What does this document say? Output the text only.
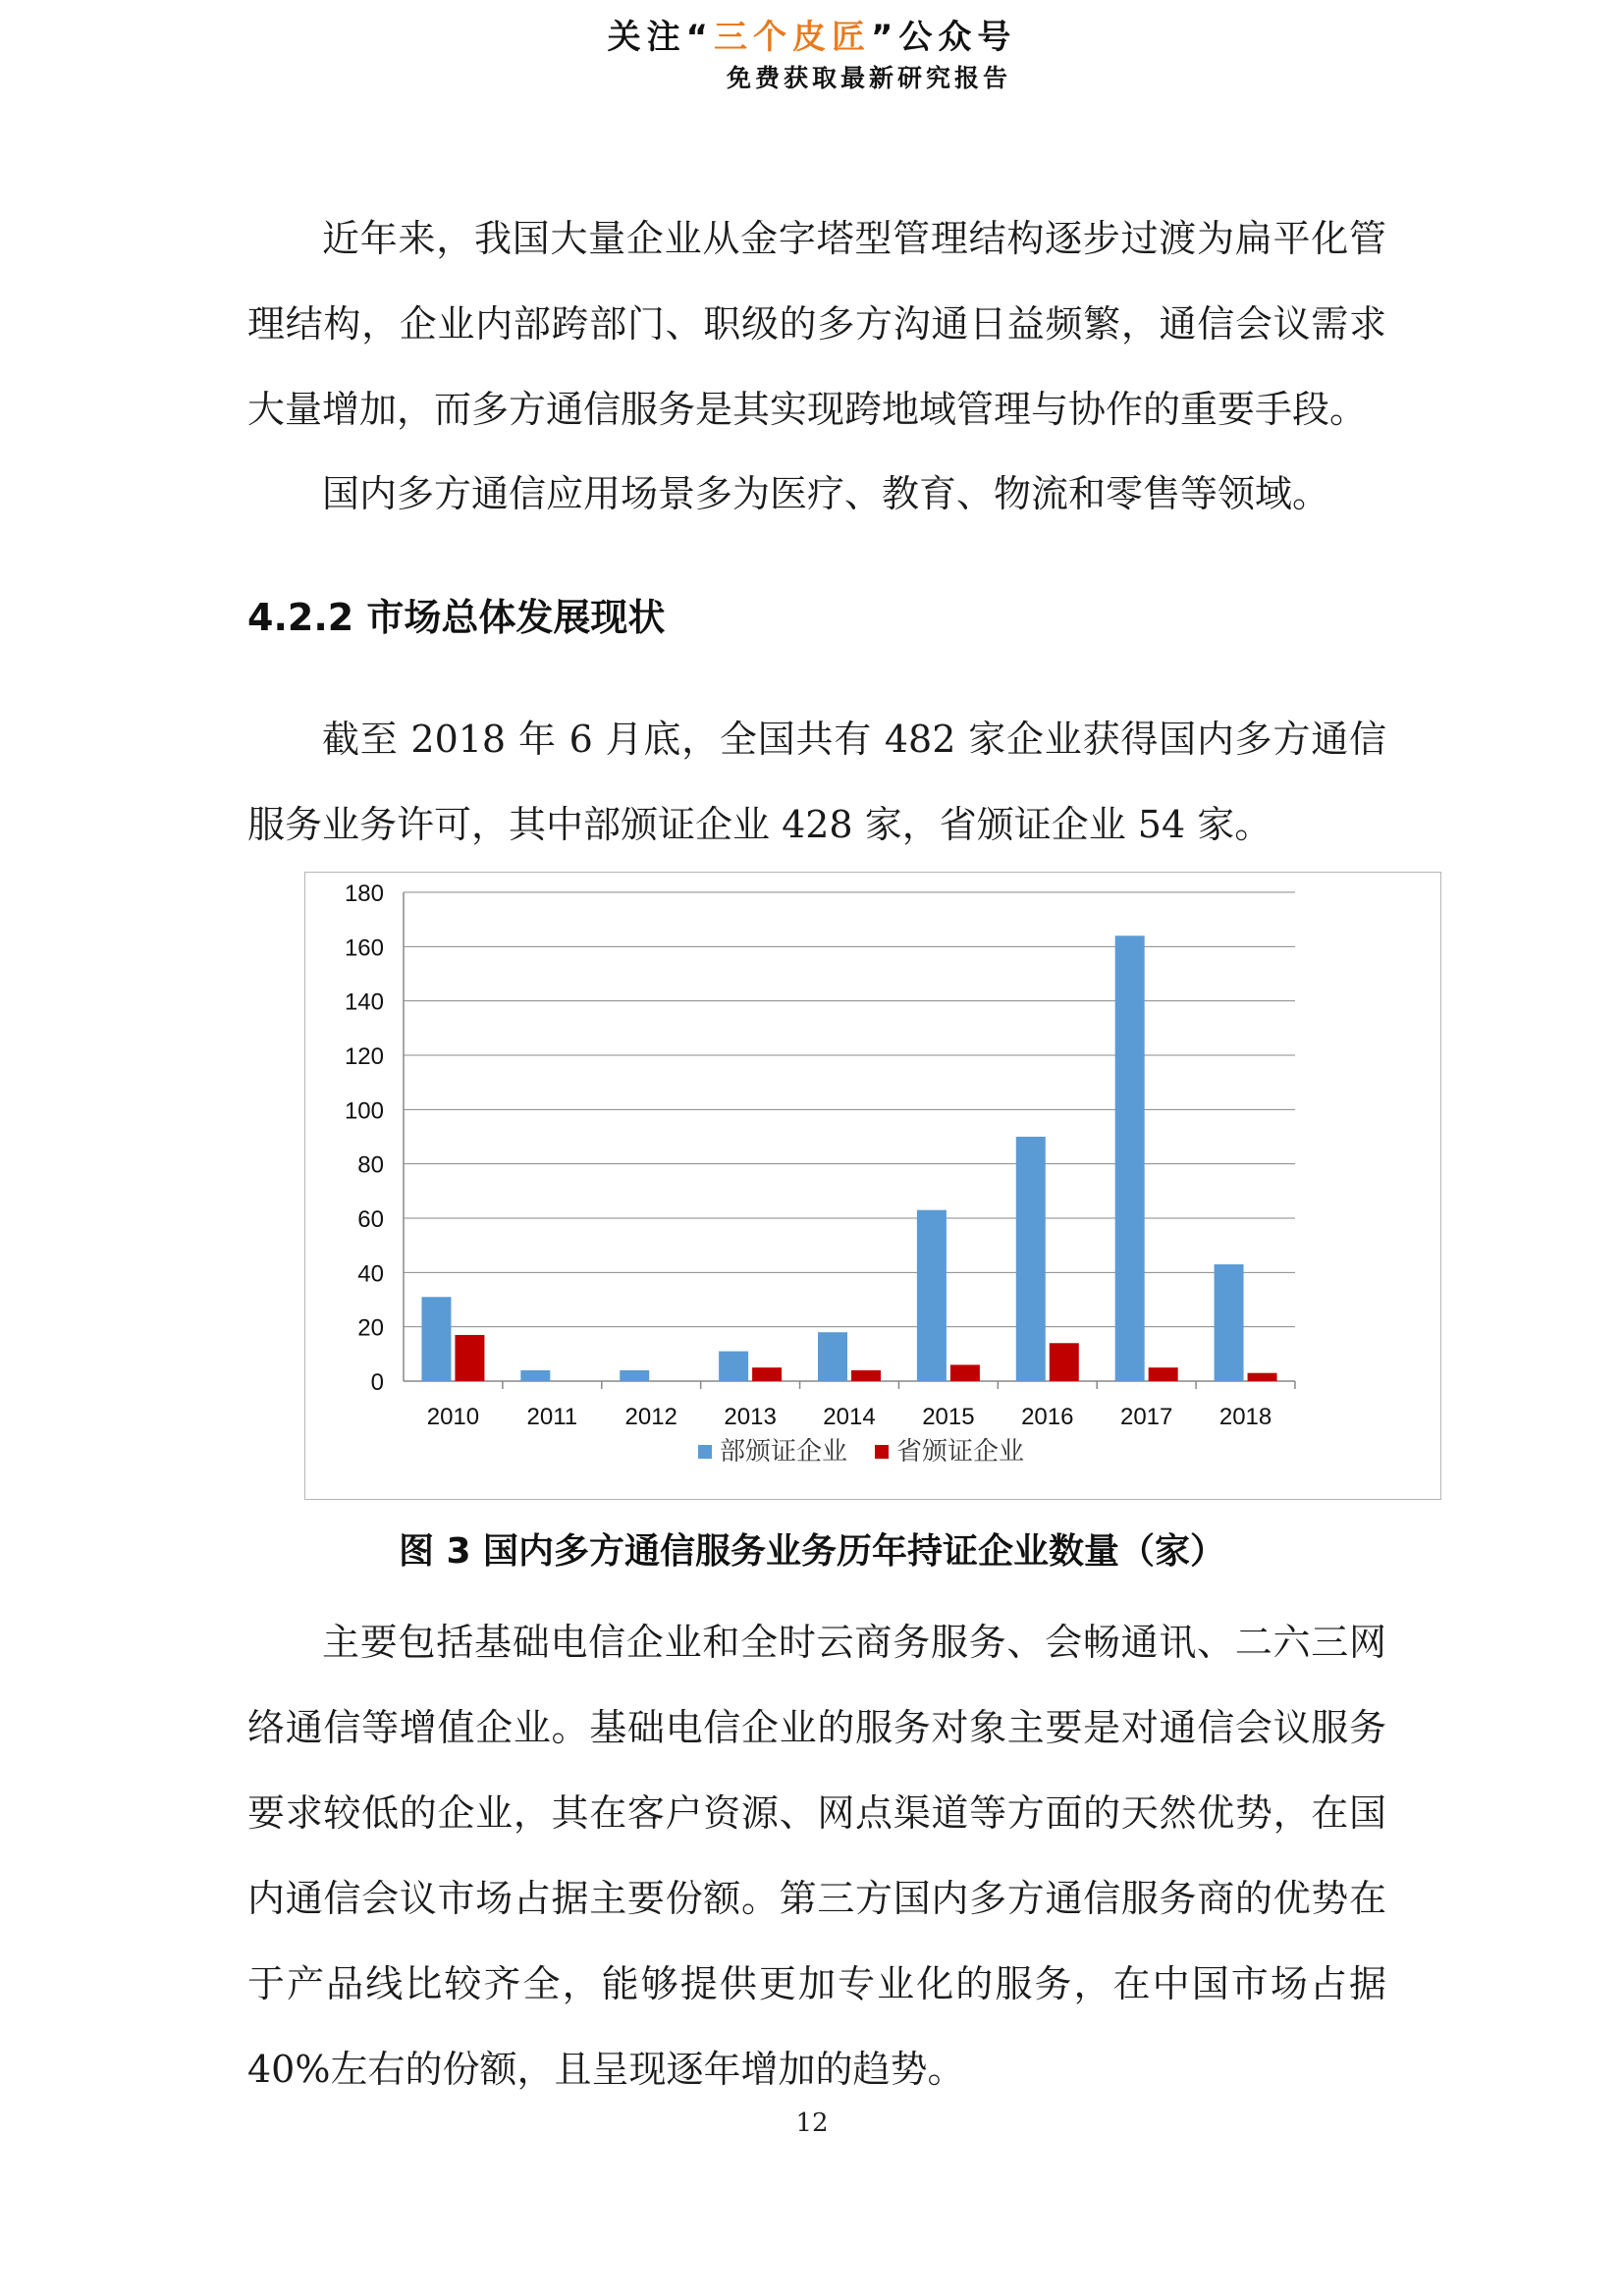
关注“三个皮匠”公众号
免费获取最新研究报告

近年来，我国大量企业从金字塔型管理结构逐步过渡为扁平化管理结构，企业内部跨部门、职级的多方沟通日益频繁，通信会议需求大量增加，而多方通信服务是其实现跨地域管理与协作的重要手段。

国内多方通信应用场景多为医疗、教育、物流和零售等领域。

4.2.2 市场总体发展现状

截至 2018 年 6 月底，全国共有 482 家企业获得国内多方通信服务业务许可，其中部颁证企业 428 家，省颁证企业 54 家。

0
20
40
60
80
100
120
140
160
180
2010 2011 2012 2013 2014 2015 2016 2017 2018
部颁证企业 省颁证企业
图 3 国内多方通信服务业务历年持证企业数量（家）

主要包括基础电信企业和全时云商务服务、会畅通讯、二六三网络通信等增值企业。基础电信企业的服务对象主要是对通信会议服务要求较低的企业，其在客户资源、网点渠道等方面的天然优势，在国内通信会议市场占据主要份额。第三方国内多方通信服务商的优势在于产品线比较齐全，能够提供更加专业化的服务，在中国市场占据 40%左右的份额，且呈现逐年增加的趋势。

12
